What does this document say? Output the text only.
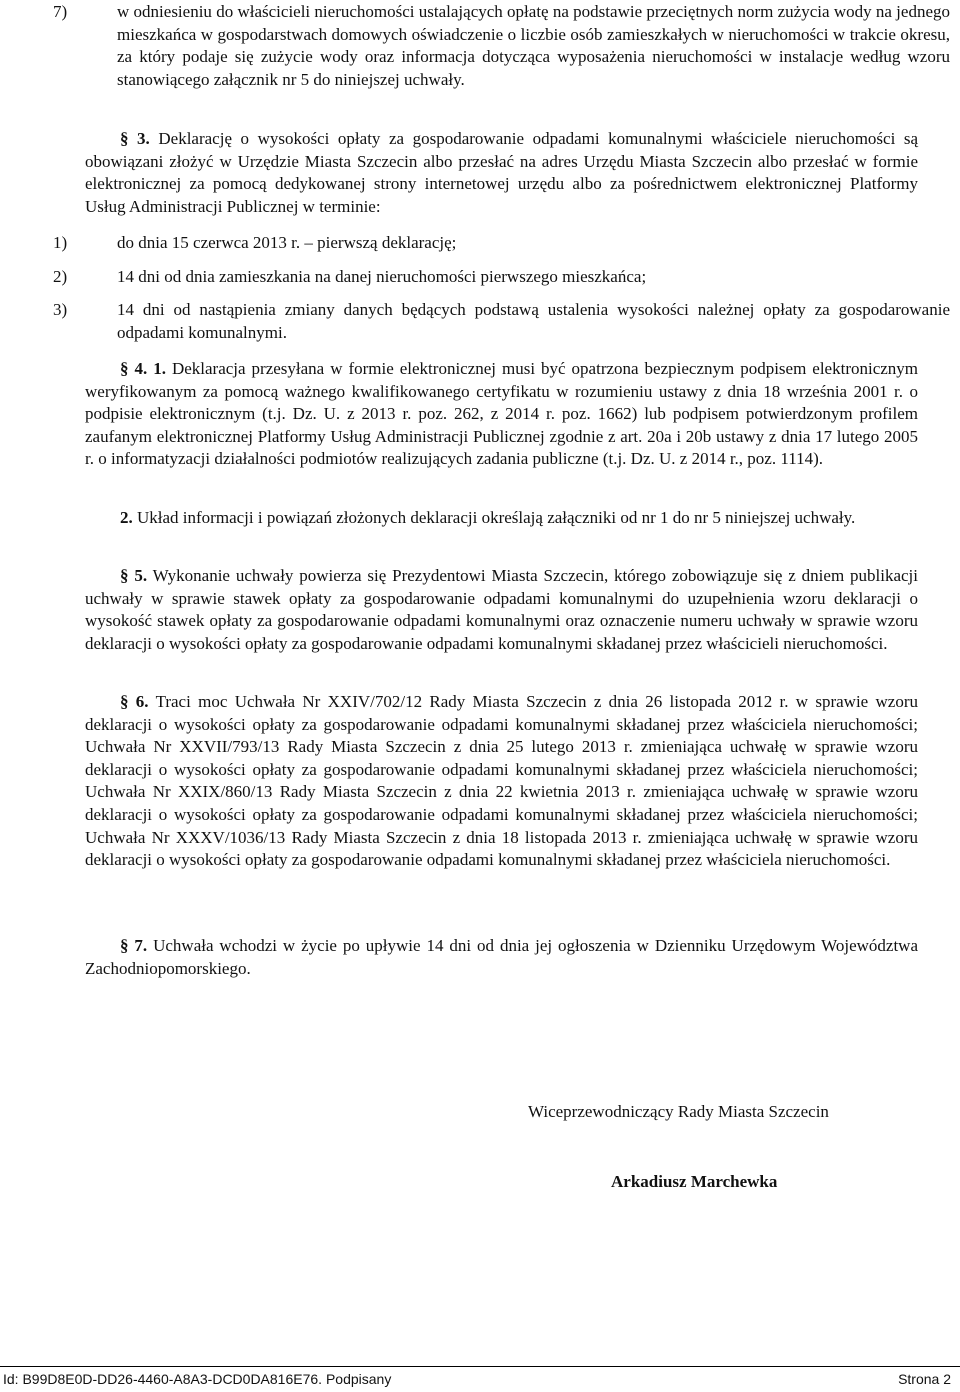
7)	w odniesieniu do właścicieli nieruchomości ustalających opłatę na podstawie przeciętnych norm zużycia wody na jednego mieszkańca w gospodarstwach domowych oświadczenie o liczbie osób zamieszkałych w nieruchomości w trakcie okresu, za który podaje się zużycie wody oraz informacja dotycząca wyposażenia nieruchomości w instalacje według wzoru stanowiącego załącznik nr 5 do niniejszej uchwały.

§ 3. Deklarację o wysokości opłaty za gospodarowanie odpadami komunalnymi właściciele nieruchomości są obowiązani złożyć w Urzędzie Miasta Szczecin albo przesłać na adres Urzędu Miasta Szczecin albo przesłać w formie elektronicznej za pomocą dedykowanej strony internetowej urzędu albo za pośrednictwem elektronicznej Platformy Usług Administracji Publicznej w terminie:

1)	do dnia 15 czerwca 2013 r. – pierwszą deklarację;

2)	14 dni od dnia zamieszkania na danej nieruchomości pierwszego mieszkańca;

3)	14 dni od nastąpienia zmiany danych będących podstawą ustalenia wysokości należnej opłaty za gospodarowanie odpadami komunalnymi.

§ 4. 1. Deklaracja przesyłana w formie elektronicznej musi być opatrzona bezpiecznym podpisem elektronicznym weryfikowanym za pomocą ważnego kwalifikowanego certyfikatu w rozumieniu ustawy z dnia 18 września 2001 r. o podpisie elektronicznym (t.j. Dz. U. z 2013 r. poz. 262, z 2014 r. poz. 1662) lub podpisem potwierdzonym profilem zaufanym elektronicznej Platformy Usług Administracji Publicznej zgodnie z art. 20a i 20b ustawy z dnia 17 lutego 2005 r. o informatyzacji działalności podmiotów realizujących zadania publiczne (t.j. Dz. U. z 2014 r., poz. 1114).

2. Układ informacji i powiązań złożonych deklaracji określają załączniki od nr 1 do nr 5 niniejszej uchwały.

§ 5. Wykonanie uchwały powierza się Prezydentowi Miasta Szczecin, którego zobowiązuje się z dniem publikacji uchwały w sprawie stawek opłaty za gospodarowanie odpadami komunalnymi do uzupełnienia wzoru deklaracji o wysokość stawek opłaty za gospodarowanie odpadami komunalnymi oraz oznaczenie numeru uchwały w sprawie wzoru deklaracji o wysokości opłaty za gospodarowanie odpadami komunalnymi składanej przez właścicieli nieruchomości.

§ 6. Traci moc Uchwała Nr XXIV/702/12 Rady Miasta Szczecin z dnia 26 listopada 2012 r. w sprawie wzoru deklaracji o wysokości opłaty za gospodarowanie odpadami komunalnymi składanej przez właściciela nieruchomości; Uchwała Nr XXVII/793/13 Rady Miasta Szczecin z dnia 25 lutego 2013 r. zmieniająca uchwałę w sprawie wzoru deklaracji o wysokości opłaty za gospodarowanie odpadami komunalnymi składanej przez właściciela nieruchomości; Uchwała Nr XXIX/860/13 Rady Miasta Szczecin z dnia 22 kwietnia 2013 r. zmieniająca uchwałę w sprawie wzoru deklaracji o wysokości opłaty za gospodarowanie odpadami komunalnymi składanej przez właściciela nieruchomości; Uchwała Nr XXXV/1036/13 Rady Miasta Szczecin z dnia 18 listopada 2013 r. zmieniająca uchwałę w sprawie wzoru deklaracji o wysokości opłaty za gospodarowanie odpadami komunalnymi składanej przez właściciela nieruchomości.

§ 7. Uchwała wchodzi w życie po upływie 14 dni od dnia jej ogłoszenia w Dzienniku Urzędowym Województwa Zachodniopomorskiego.

Wiceprzewodniczący Rady Miasta Szczecin

Arkadiusz Marchewka

Id: B99D8E0D-DD26-4460-A8A3-DCD0DA816E76. Podpisany	Strona 2
